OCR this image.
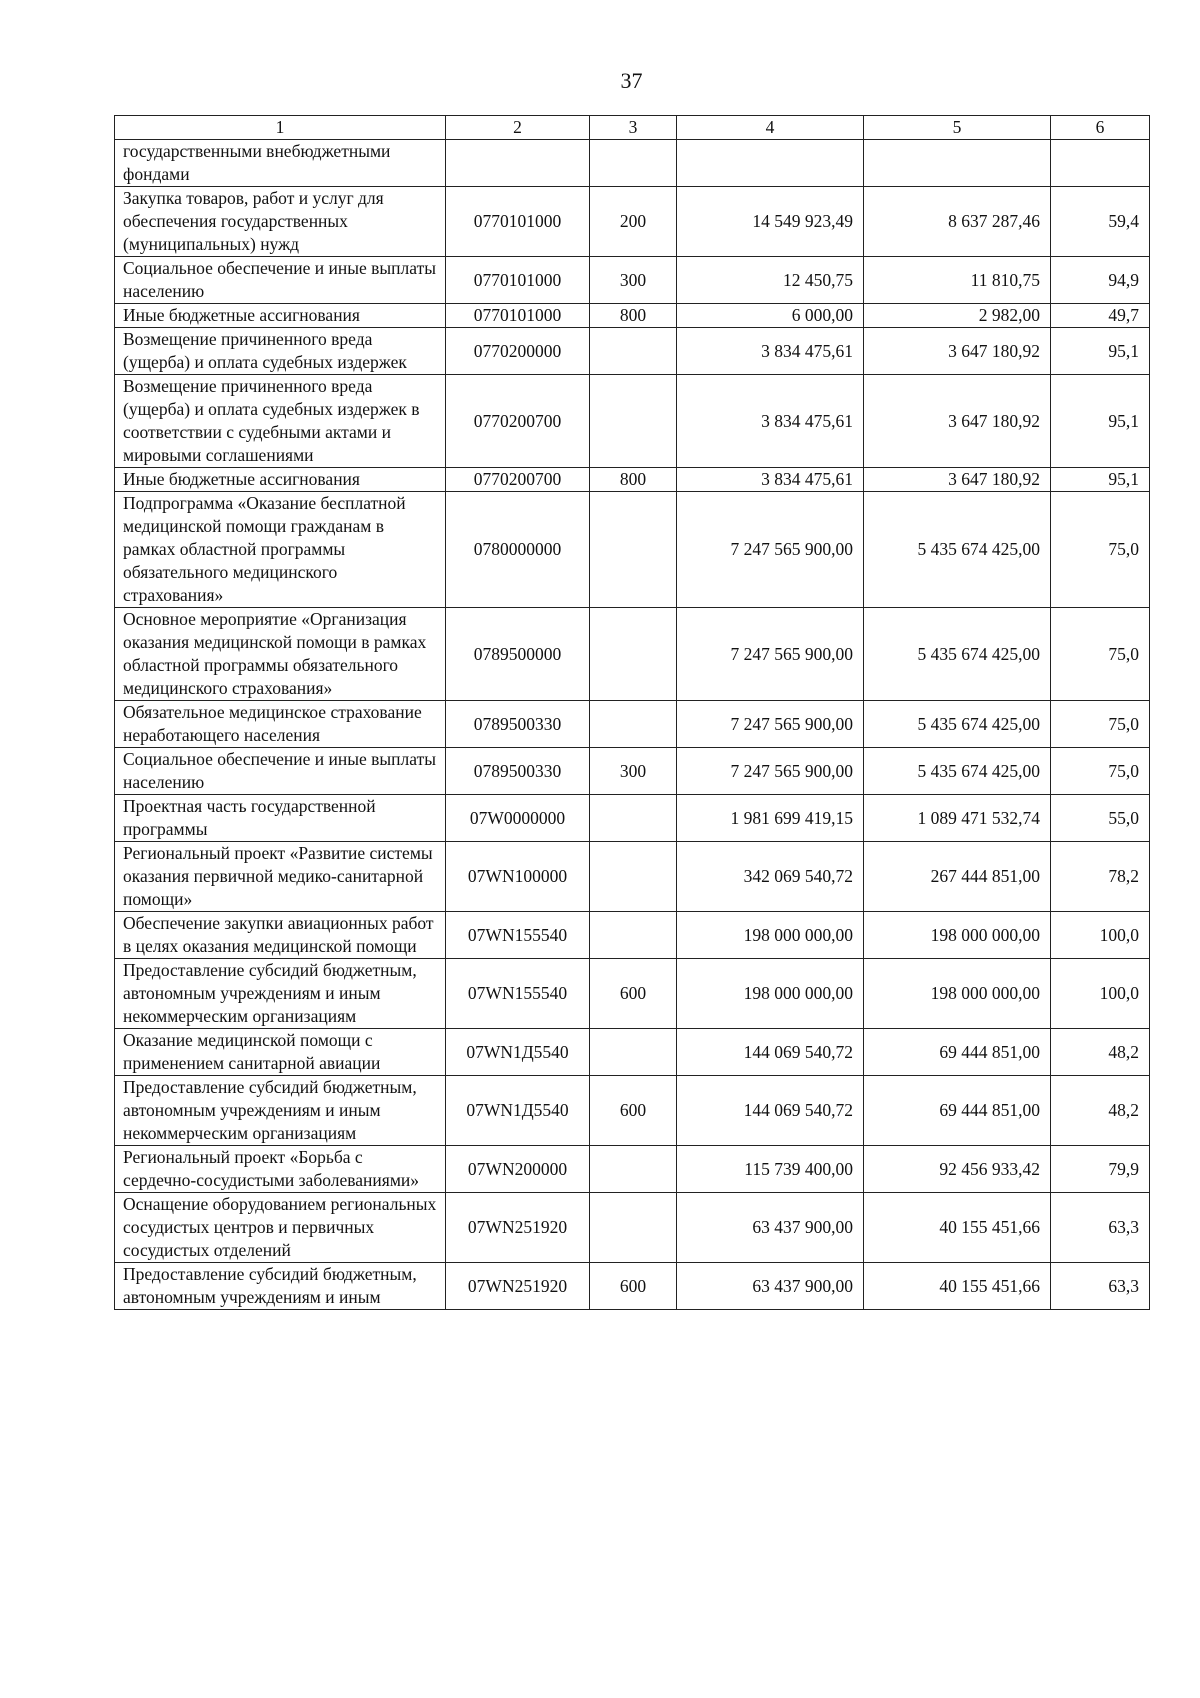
37
1	2	3	4	5	6
государственными внебюджетными фондами					
Закупка товаров, работ и услуг для обеспечения государственных (муниципальных) нужд	0770101000	200	14 549 923,49	8 637 287,46	59,4
Социальное обеспечение и иные выплаты населению	0770101000	300	12 450,75	11 810,75	94,9
Иные бюджетные ассигнования	0770101000	800	6 000,00	2 982,00	49,7
Возмещение причиненного вреда (ущерба) и оплата судебных издержек	0770200000		3 834 475,61	3 647 180,92	95,1
Возмещение причиненного вреда (ущерба) и оплата судебных издержек в соответствии с судебными актами и мировыми соглашениями	0770200700		3 834 475,61	3 647 180,92	95,1
Иные бюджетные ассигнования	0770200700	800	3 834 475,61	3 647 180,92	95,1
Подпрограмма «Оказание бесплатной медицинской помощи гражданам в рамках областной программы обязательного медицинского страхования»	0780000000		7 247 565 900,00	5 435 674 425,00	75,0
Основное мероприятие «Организация оказания медицинской помощи в рамках областной программы обязательного медицинского страхования»	0789500000		7 247 565 900,00	5 435 674 425,00	75,0
Обязательное медицинское страхование неработающего населения	0789500330		7 247 565 900,00	5 435 674 425,00	75,0
Социальное обеспечение и иные выплаты населению	0789500330	300	7 247 565 900,00	5 435 674 425,00	75,0
Проектная часть государственной программы	07W0000000		1 981 699 419,15	1 089 471 532,74	55,0
Региональный проект «Развитие системы оказания первичной медико-санитарной помощи»	07WN100000		342 069 540,72	267 444 851,00	78,2
Обеспечение закупки авиационных работ в целях оказания медицинской помощи	07WN155540		198 000 000,00	198 000 000,00	100,0
Предоставление субсидий бюджетным, автономным учреждениям и иным некоммерческим организациям	07WN155540	600	198 000 000,00	198 000 000,00	100,0
Оказание медицинской помощи с применением санитарной авиации	07WN1Д5540		144 069 540,72	69 444 851,00	48,2
Предоставление субсидий бюджетным, автономным учреждениям и иным некоммерческим организациям	07WN1Д5540	600	144 069 540,72	69 444 851,00	48,2
Региональный проект «Борьба с сердечно-сосудистыми заболеваниями»	07WN200000		115 739 400,00	92 456 933,42	79,9
Оснащение оборудованием региональных сосудистых центров и первичных сосудистых отделений	07WN251920		63 437 900,00	40 155 451,66	63,3
Предоставление субсидий бюджетным, автономным учреждениям и иным	07WN251920	600	63 437 900,00	40 155 451,66	63,3
